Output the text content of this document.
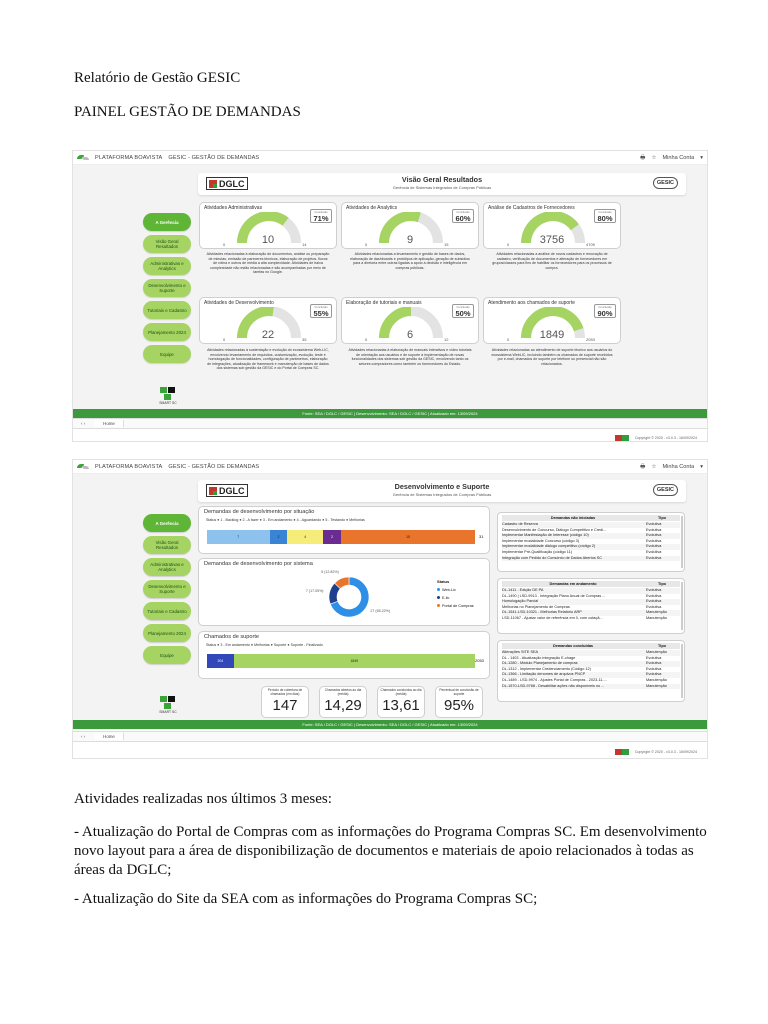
Relatório de Gestão GESIC
PAINEL GESTÃO DE DEMANDAS
PLATAFORMA BOAVISTA GESIC - GESTÃO DE DEMANDAS	🖶 ☆ Minha Conta ▾
A Gerência
Visão Geral Resultados
Administrativas e Analytics
Desenvolvimento e Suporte
Tutoriais e Cadastro
Planejamento 2024
Equipe
SMART SC
DGLC	Visão Geral Resultados
Gerência de Sistemas Integrados de Compras Públicas
GESIC
Atividades Administrativas
Conclusão
71%
10
0	14
Atividades relacionadas à elaboração de documentos, análise ou preparação de minutas, emissão de pareceres técnicos, elaboração de projetos, fluxos de rotina e outros de média a alta complexidade. Atividades de baixa complexidade não estão relacionadas e são acompanhadas por meio de tarefas no Google.
Atividades de Analytics
Conclusão
60%
9
0	15
Atividades relacionadas a levantamento e gestão de bases de dados, elaboração de dashboards e protótipos de aplicação, geração de subsídios para a diretoria entre outras ligadas a apoio à decisão e inteligência em compras públicas.
Análise de Cadastros de Fornecedores
Conclusão
80%
3756
0	4709
Atividades relacionadas a análise de novos cadastros e renovação de cadastro, verificação de documentos e alteração de fornecedores em grupos/classes para fins de habilitar os fornecedores para os processos de compra.
Atividades de Desenvolvimento
Conclusão
55%
22
0	35
Atividades relacionadas à sustentação e evolução do ecossistema Web-LIC, envolvendo levantamento de requisitos, customização, evolução, teste e homologação de funcionalidades, configuração de parâmetros, elaboração de integrações, atualização de framework e manutenção de bases de dados dos sistemas sob gestão da GESIC e do Portal de Compras SC.
Elaboração de tutoriais e manuais
Conclusão
50%
6
0	12
Atividades relacionadas à elaboração de manuais interativos e vídeo tutoriais de orientação aos usuários e de suporte à implementação de novas funcionalidades dos sistemas sob gestão da GESIC, envolvendo tanto os setores compradores como também os fornecedores do Estado.
Atendimento aos chamados de suporte
Conclusão
90%
1849
0	2053
Atividades relacionadas ao atendimento de suporte técnico aos usuários do ecossistema WebLIC, incluindo também os chamados de suporte recebidos por e-mail, chamados de suporte por telefone ou presencial não são relacionados.
Fonte: SEA / DGLC / GESIC | Desenvolvimento: SEA / DGLC / GESIC | Atualizado em: 13/09/2024
‹ ›	Home
Copyright © 2020 - v3.0.3 - 16/09/2024
PLATAFORMA BOAVISTA GESIC - GESTÃO DE DEMANDAS	🖶 ☆ Minha Conta ▾
A Gerência
Visão Geral Resultados
Administrativas e Analytics
Desenvolvimento e Suporte
Tutoriais e Cadastro
Planejamento 2024
Equipe
SMART SC
DGLC	Desenvolvimento e Suporte
Gerência de Sistemas Integrados de Compras Públicas
GESIC
Demandas de desenvolvimento por situação
Status ● 1 - Backlog ● 2 - A fazer ● 3 - Em andamento ● 4 - Aguardando ● 5 - Testando ● Melhorias
7	2	4	2	15	31
Demandas de desenvolvimento por sistema
27 (65.22%)
7 (17.05%)
5 (12.82%)
Status
Web-Lic
E-lic
Portal de Compras
Chamados de suporte
Status ● 3 - Em andamento ● Melhorias ● Suporte ● Suporte - Finalizado
204	1849	2053
Período de cobertura de chamados (em dias)
147
Chamados abertos ao dia (média)
14,29
Chamados concluídos ao dia (média)
13,61
Percentual de conclusão de suporte
95%
Demandas não iniciadas	Tipo
Cadastro de Reserva	Evolutiva
Desenvolvimento de Concurso, Diálogo Competitivo e Credi...	Evolutiva
Implementar Manifestação de Interesse (código 10)	Evolutiva
Implementar modalidade Concurso (código 3)	Evolutiva
Implementar modalidade diálogo competitivo (código 2)	Evolutiva
Implementar Pré-Qualificação (código 11)	Evolutiva
Integração com Pedido do Consórcio de Dados Abertos SC	Evolutiva
Demandas em andamento	Tipo
DL-1411 - Edição DE PA	Evolutiva
DL-1490 | LSD-9913 - Integração Plano Anual de Compras ...	Evolutiva
Homologação Parcial	Evolutiva
Melhorias no Planejamento de Compras	Evolutiva
DL-1541-LSD-10321 - Melhorias Relatório ARP	Manutenção
LSD-11067 - Ajustar valor de referência em 0, com cotaçã...	Manutenção
Demandas concluídas	Tipo
Alterações SITE SEA	Manutenção
DL - 1403 - Atualização integração E-chage	Evolutiva
DL-1280 - Módulo Planejamento de compras	Evolutiva
DL-1312 - Implementar Credenciamento (Código 12)	Evolutiva
DL-1366 - Limitação denomes de arquivos PNCP	Evolutiva
DL-1489 - LSD-9974 - Ajustes Portal de Compras - 2023-11-...	Manutenção
DL-1570-LSD-9768 - Desabilitar ações não disponíveis no ...	Manutenção
Fonte: SEA / DGLC / GESIC | Desenvolvimento: SEA / DGLC / GESIC | Atualizado em: 13/09/2024
‹ ›	Home
Copyright © 2020 - v3.0.3 - 16/09/2024
Atividades realizadas nos últimos 3 meses:
- Atualização do Portal de Compras com as informações do Programa Compras SC. Em desenvolvimento novo layout para a área de disponibilização de documentos e materiais de apoio relacionados à todas as áreas da DGLC;
- Atualização do Site da SEA com as informações do Programa Compras SC;
